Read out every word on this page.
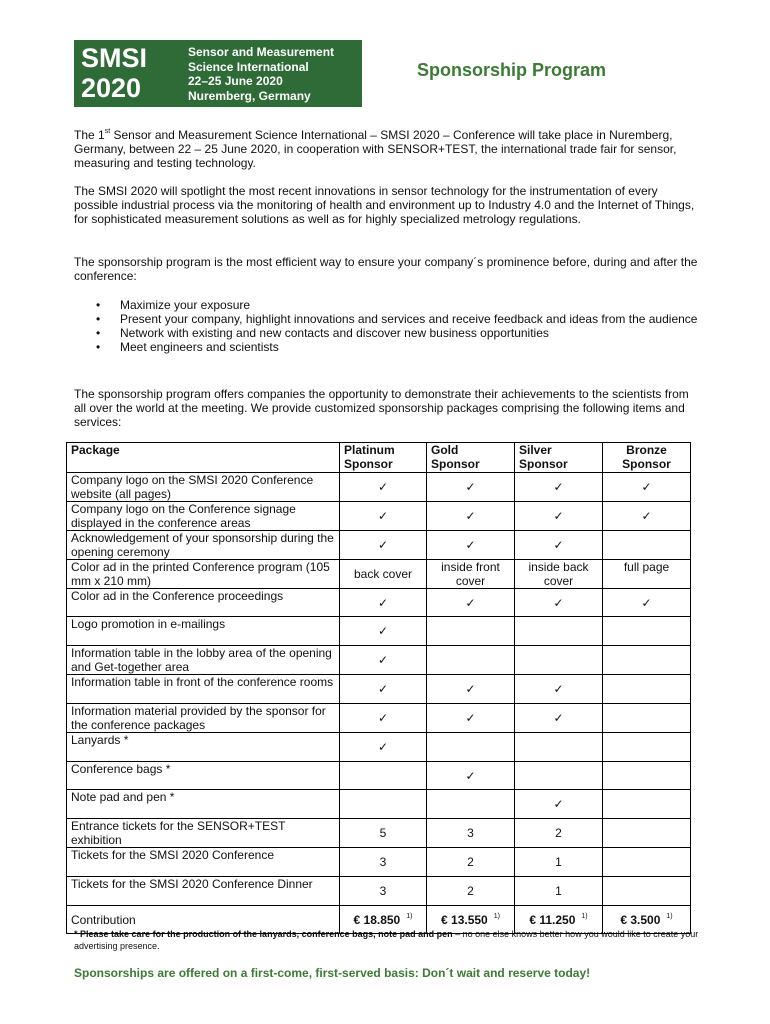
SMSI
2020
Sensor and Measurement
Science International
22–25 June 2020
Nuremberg, Germany
Sponsorship Program

The 1st Sensor and Measurement Science International – SMSI 2020 – Conference will take place in Nuremberg, Germany, between 22 – 25 June 2020, in cooperation with SENSOR+TEST, the international trade fair for sensor, measuring and testing technology.

The SMSI 2020 will spotlight the most recent innovations in sensor technology for the instrumentation of every possible industrial process via the monitoring of health and environment up to Industry 4.0 and the Internet of Things, for sophisticated measurement solutions as well as for highly specialized metrology regulations.

The sponsorship program is the most efficient way to ensure your company´s prominence before, during and after the conference:

• Maximize your exposure
• Present your company, highlight innovations and services and receive feedback and ideas from the audience
• Network with existing and new contacts and discover new business opportunities
• Meet engineers and scientists

The sponsorship program offers companies the opportunity to demonstrate their achievements to the scientists from all over the world at the meeting. We provide customized sponsorship packages comprising the following items and services:

Package	Platinum Sponsor	Gold Sponsor	Silver Sponsor	Bronze Sponsor
Company logo on the SMSI 2020 Conference website (all pages)	✓	✓	✓	✓
Company logo on the Conference signage displayed in the conference areas	✓	✓	✓	✓
Acknowledgement of your sponsorship during the opening ceremony	✓	✓	✓	
Color ad in the printed Conference program (105 mm x 210 mm)	back cover	inside front cover	inside back cover	full page
Color ad in the Conference proceedings	✓	✓	✓	✓
Logo promotion in e-mailings	✓			
Information table in the lobby area of the opening and Get-together area	✓			
Information table in front of the conference rooms	✓	✓	✓	
Information material provided by the sponsor for the conference packages	✓	✓	✓	
Lanyards *	✓			
Conference bags *		✓		
Note pad and pen *			✓	
Entrance tickets for the SENSOR+TEST exhibition	5	3	2	
Tickets for the SMSI 2020 Conference	3	2	1	
Tickets for the SMSI 2020 Conference Dinner	3	2	1	
Contribution	€ 18.850 $^{1)}$	€ 13.550 $^{1)}$	€ 11.250 $^{1)}$	€ 3.500 $^{1)}$

* Please take care for the production of the lanyards, conference bags, note pad and pen – no one else knows better how you would like to create your advertising presence.

Sponsorships are offered on a first-come, first-served basis: Don´t wait and reserve today!
